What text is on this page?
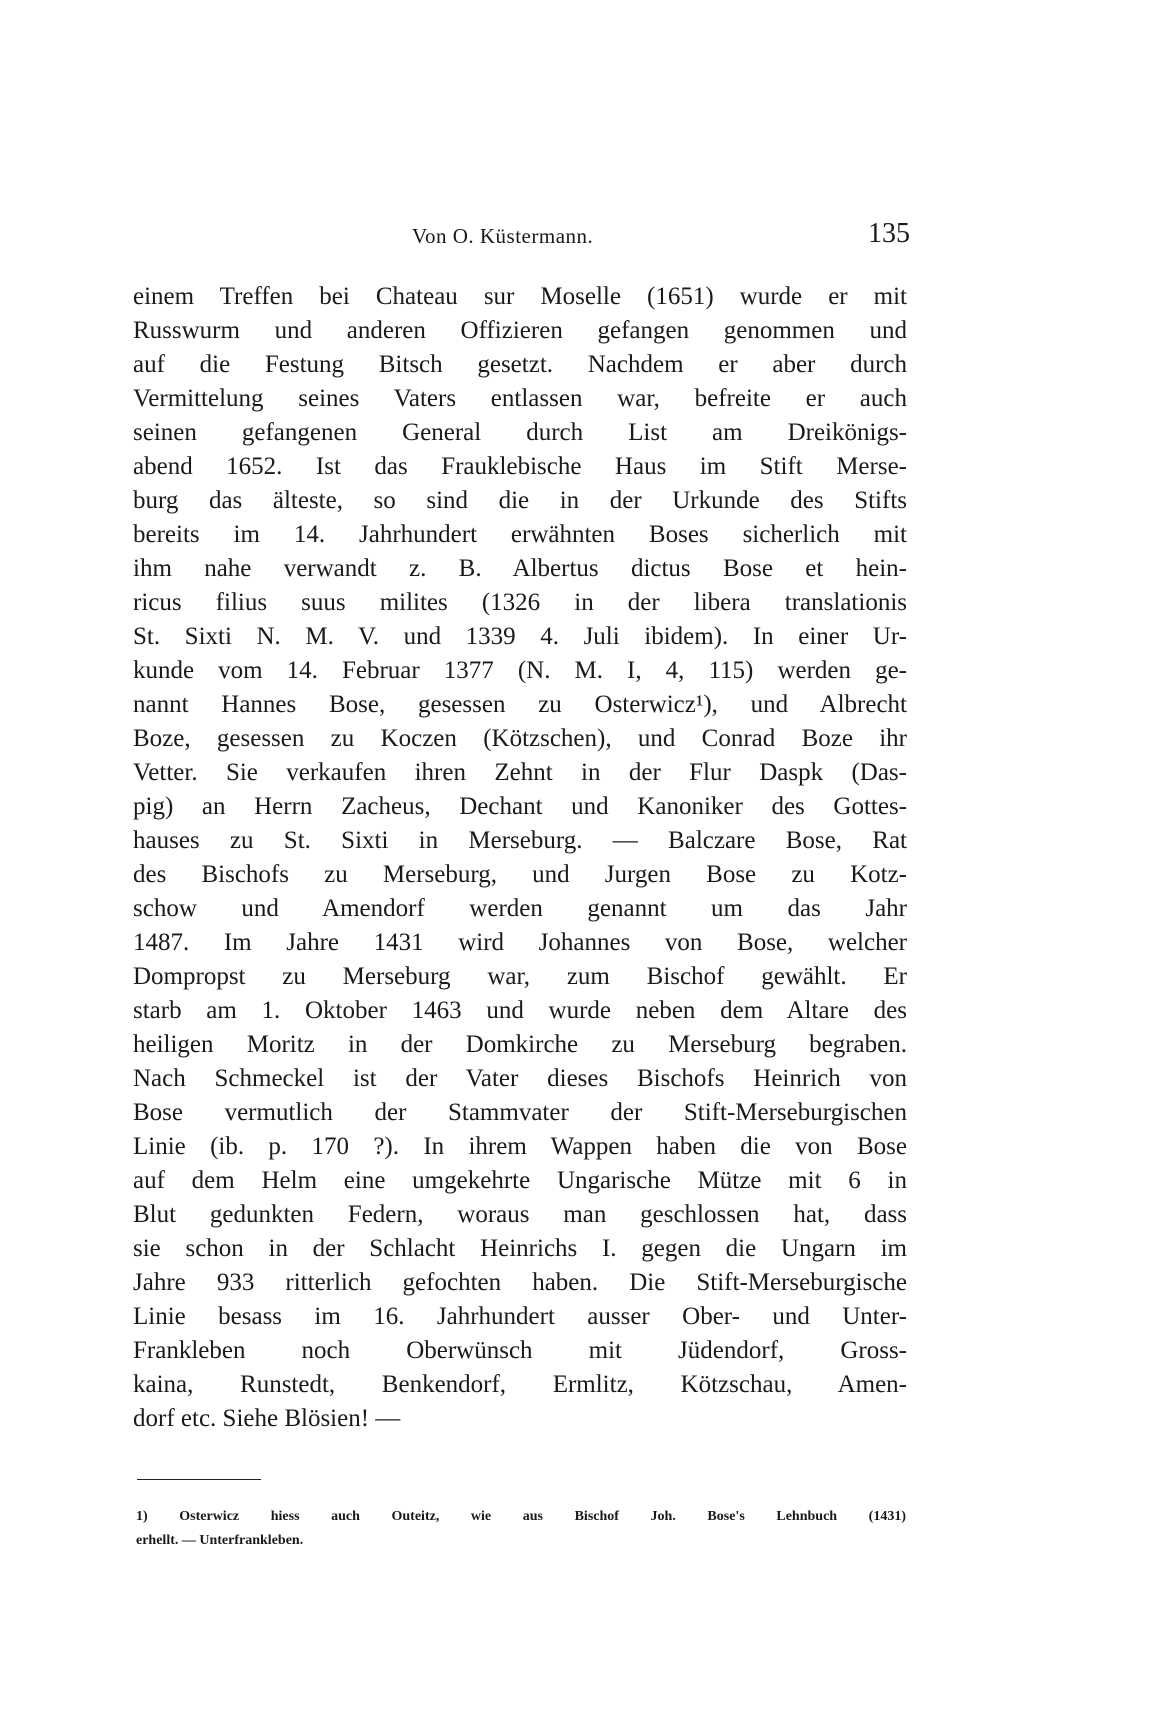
Von O. Küstermann.	135
einem Treffen bei Chateau sur Moselle (1651) wurde er mit
Russwurm und anderen Offizieren gefangen genommen und
auf die Festung Bitsch gesetzt. Nachdem er aber durch
Vermittelung seines Vaters entlassen war, befreite er auch
seinen gefangenen General durch List am Dreikönigs-
abend 1652. Ist das Frauklebische Haus im Stift Merse-
burg das älteste, so sind die in der Urkunde des Stifts
bereits im 14. Jahrhundert erwähnten Boses sicherlich mit
ihm nahe verwandt z. B. Albertus dictus Bose et hein-
ricus filius suus milites (1326 in der libera translationis
St. Sixti N. M. V. und 1339 4. Juli ibidem). In einer Ur-
kunde vom 14. Februar 1377 (N. M. I, 4, 115) werden ge-
nannt Hannes Bose, gesessen zu Osterwicz¹), und Albrecht
Boze, gesessen zu Koczen (Kötzschen), und Conrad Boze ihr
Vetter. Sie verkaufen ihren Zehnt in der Flur Daspk (Das-
pig) an Herrn Zacheus, Dechant und Kanoniker des Gottes-
hauses zu St. Sixti in Merseburg. — Balczare Bose, Rat
des Bischofs zu Merseburg, und Jurgen Bose zu Kotz-
schow und Amendorf werden genannt um das Jahr
1487. Im Jahre 1431 wird Johannes von Bose, welcher
Dompropst zu Merseburg war, zum Bischof gewählt. Er
starb am 1. Oktober 1463 und wurde neben dem Altare des
heiligen Moritz in der Domkirche zu Merseburg begraben.
Nach Schmeckel ist der Vater dieses Bischofs Heinrich von
Bose vermutlich der Stammvater der Stift-Merseburgischen
Linie (ib. p. 170 ?). In ihrem Wappen haben die von Bose
auf dem Helm eine umgekehrte Ungarische Mütze mit 6 in
Blut gedunkten Federn, woraus man geschlossen hat, dass
sie schon in der Schlacht Heinrichs I. gegen die Ungarn im
Jahre 933 ritterlich gefochten haben. Die Stift-Merseburgische
Linie besass im 16. Jahrhundert ausser Ober- und Unter-
Frankleben noch Oberwünsch mit Jüdendorf, Gross-
kaina, Runstedt, Benkendorf, Ermlitz, Kötzschau, Amen-
dorf etc. Siehe Blösien! —
1) Osterwicz hiess auch Outeitz, wie aus Bischof Joh. Bose's Lehnbuch (1431)
erhellt. — Unterfrankleben.
